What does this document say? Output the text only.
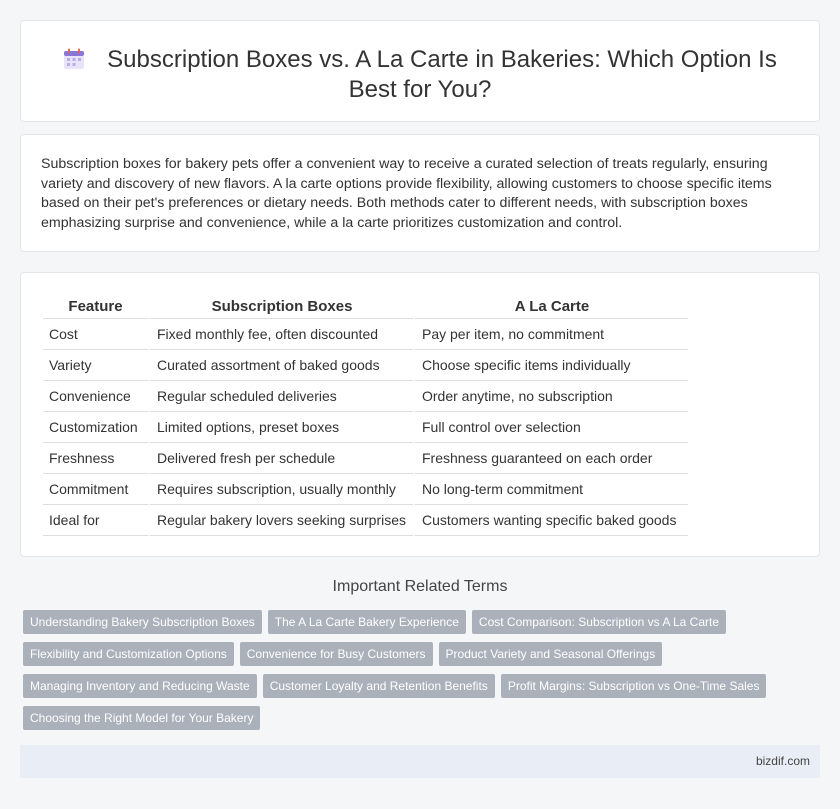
Subscription Boxes vs. A La Carte in Bakeries: Which Option Is Best for You?

Subscription boxes for bakery pets offer a convenient way to receive a curated selection of treats regularly, ensuring variety and discovery of new flavors. A la carte options provide flexibility, allowing customers to choose specific items based on their pet's preferences or dietary needs. Both methods cater to different needs, with subscription boxes emphasizing surprise and convenience, while a la carte prioritizes customization and control.

Feature	Subscription Boxes	A La Carte
Cost	Fixed monthly fee, often discounted	Pay per item, no commitment
Variety	Curated assortment of baked goods	Choose specific items individually
Convenience	Regular scheduled deliveries	Order anytime, no subscription
Customization	Limited options, preset boxes	Full control over selection
Freshness	Delivered fresh per schedule	Freshness guaranteed on each order
Commitment	Requires subscription, usually monthly	No long-term commitment
Ideal for	Regular bakery lovers seeking surprises	Customers wanting specific baked goods
Important Related Terms
Understanding Bakery Subscription Boxes	The A La Carte Bakery Experience	Cost Comparison: Subscription vs A La Carte
Flexibility and Customization Options	Convenience for Busy Customers	Product Variety and Seasonal Offerings
Managing Inventory and Reducing Waste	Customer Loyalty and Retention Benefits	Profit Margins: Subscription vs One-Time Sales
Choosing the Right Model for Your Bakery
bizdif.com
